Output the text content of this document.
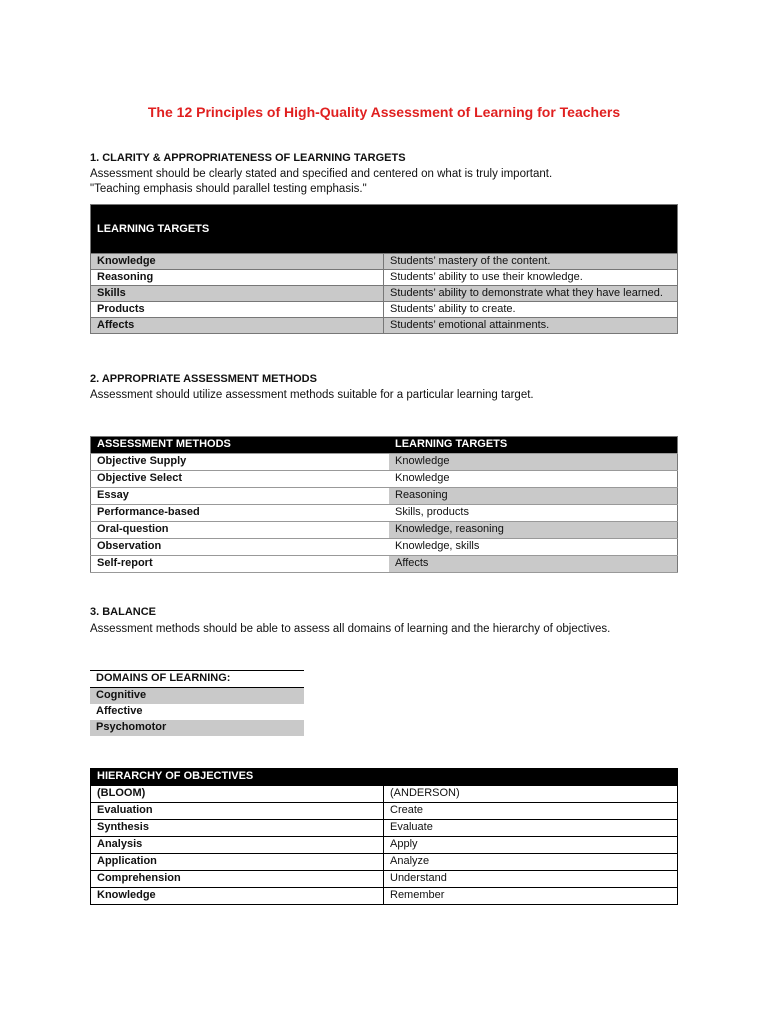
The 12 Principles of High-Quality Assessment of Learning for Teachers
1. CLARITY & APPROPRIATENESS OF LEARNING TARGETS
Assessment should be clearly stated and specified and centered on what is truly important.
"Teaching emphasis should parallel testing emphasis."
LEARNING TARGETS	
Knowledge	Students’ mastery of the content.
Reasoning	Students’ ability to use their knowledge.
Skills	Students’ ability to demonstrate what they have learned.
Products	Students’ ability to create.
Affects	Students’ emotional attainments.
2. APPROPRIATE ASSESSMENT METHODS
Assessment should utilize assessment methods suitable for a particular learning target.
ASSESSMENT METHODS	LEARNING TARGETS
Objective Supply	Knowledge
Objective Select	Knowledge
Essay	Reasoning
Performance-based	Skills, products
Oral-question	Knowledge, reasoning
Observation	Knowledge, skills
Self-report	Affects
3. BALANCE
Assessment methods should be able to assess all domains of learning and the hierarchy of objectives.
DOMAINS OF LEARNING:
Cognitive
Affective
Psychomotor
HIERARCHY OF OBJECTIVES	
(BLOOM)	(ANDERSON)
Evaluation	Create
Synthesis	Evaluate
Analysis	Apply
Application	Analyze
Comprehension	Understand
Knowledge	Remember
